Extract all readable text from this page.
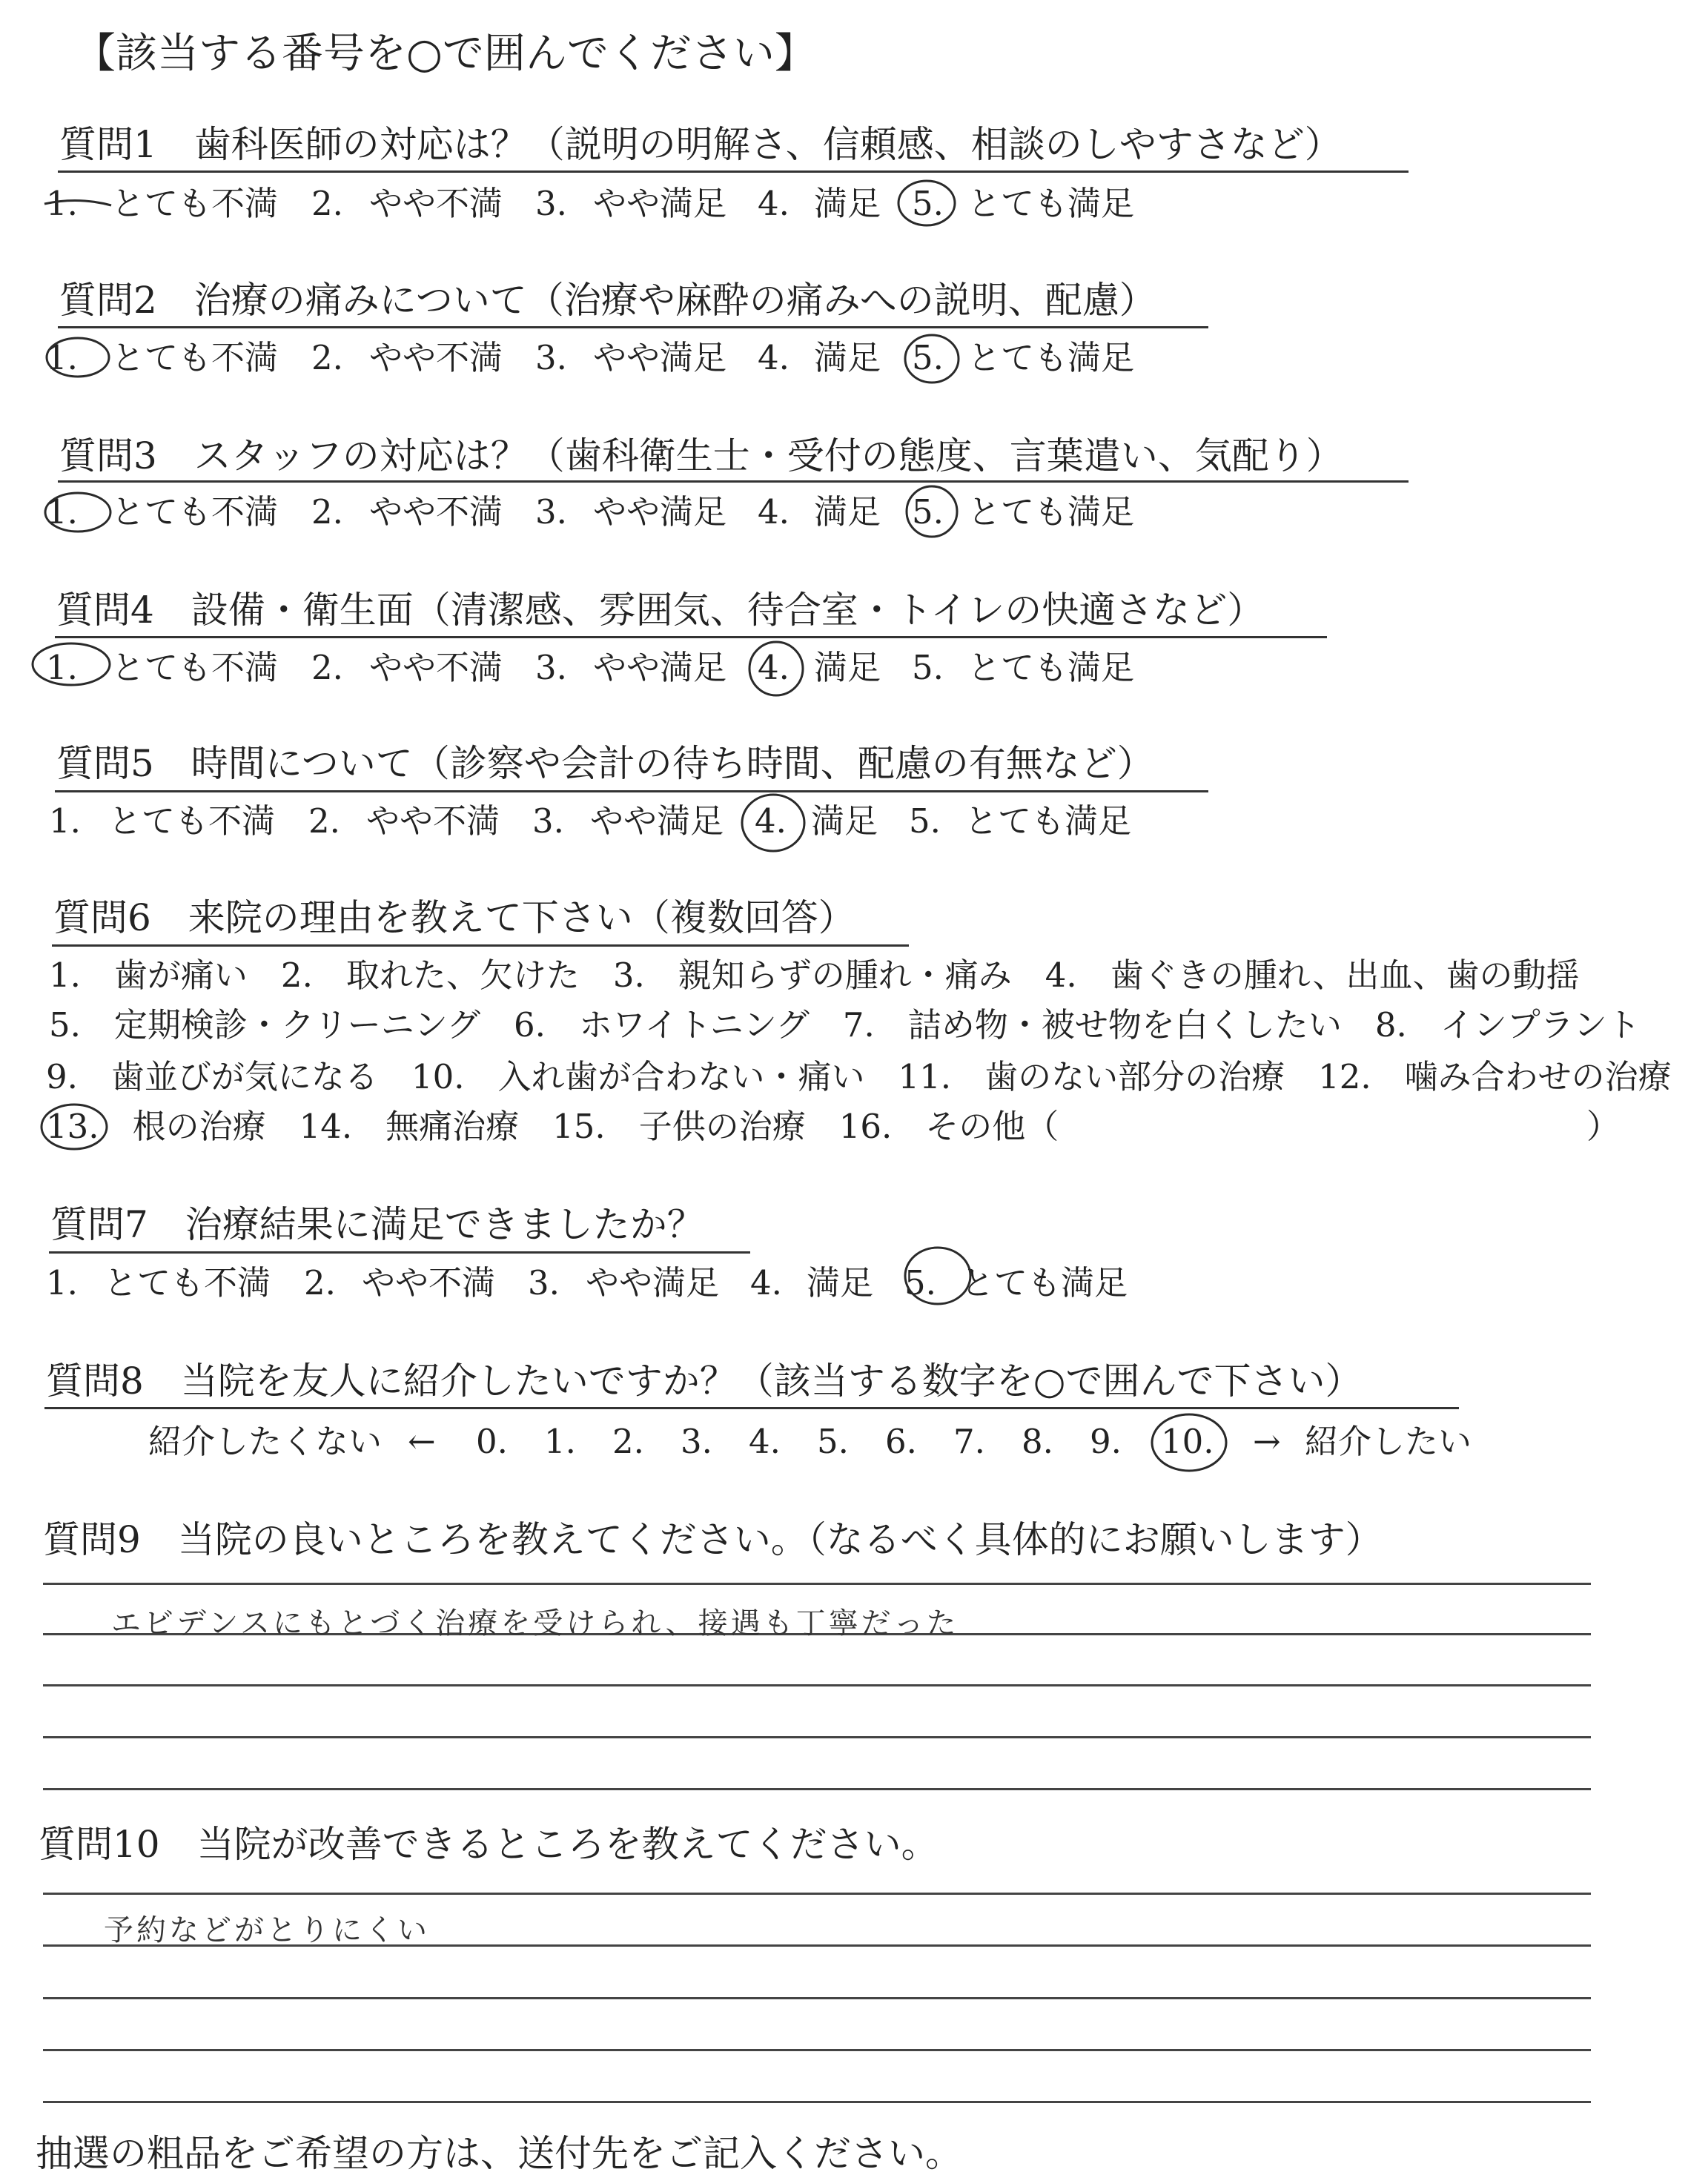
【該当する番号を○で囲んでください】
質問1　歯科医師の対応は？（説明の明解さ、信頼感、相談のしやすさなど）
1. とても不満 2. やや不満 3. やや満足 4. 満足 5. とても満足
質問2　治療の痛みについて（治療や麻酔の痛みへの説明、配慮）
1. とても不満 2. やや不満 3. やや満足 4. 満足 5. とても満足
質問3　スタッフの対応は？（歯科衛生士・受付の態度、言葉遣い、気配り）
1. とても不満 2. やや不満 3. やや満足 4. 満足 5. とても満足
質問4　設備・衛生面（清潔感、雰囲気、待合室・トイレの快適さなど）
1. とても不満 2. やや不満 3. やや満足 4. 満足 5. とても満足
質問5　時間について（診察や会計の待ち時間、配慮の有無など）
1. とても不満 2. やや不満 3. やや満足 4. 満足 5. とても満足
質問6　来院の理由を教えて下さい（複数回答）
1.　歯が痛い　2.　取れた、欠けた　3.　親知らずの腫れ・痛み　4.　歯ぐきの腫れ、出血、歯の動揺
5.　定期検診・クリーニング　6.　ホワイトニング　7.　詰め物・被せ物を白くしたい　8.　インプラント
9.　歯並びが気になる　10.　入れ歯が合わない・痛い　11.　歯のない部分の治療　12.　噛み合わせの治療
13.　根の治療　14.　無痛治療　15.　子供の治療　16.　その他（	）
質問7　治療結果に満足できましたか？
1. とても不満 2. やや不満 3. やや満足 4. 満足 5. とても満足
質問8　当院を友人に紹介したいですか？（該当する数字を○で囲んで下さい）
紹介したくない ← 0. 1. 2. 3. 4. 5. 6. 7. 8. 9. 10. → 紹介したい
質問9　当院の良いところを教えてください。（なるべく具体的にお願いします）
エビデンスにもとづく治療を受けられ、接遇も丁寧だった
質問10　当院が改善できるところを教えてください。
予約などがとりにくい
抽選の粗品をご希望の方は、送付先をご記入ください。
